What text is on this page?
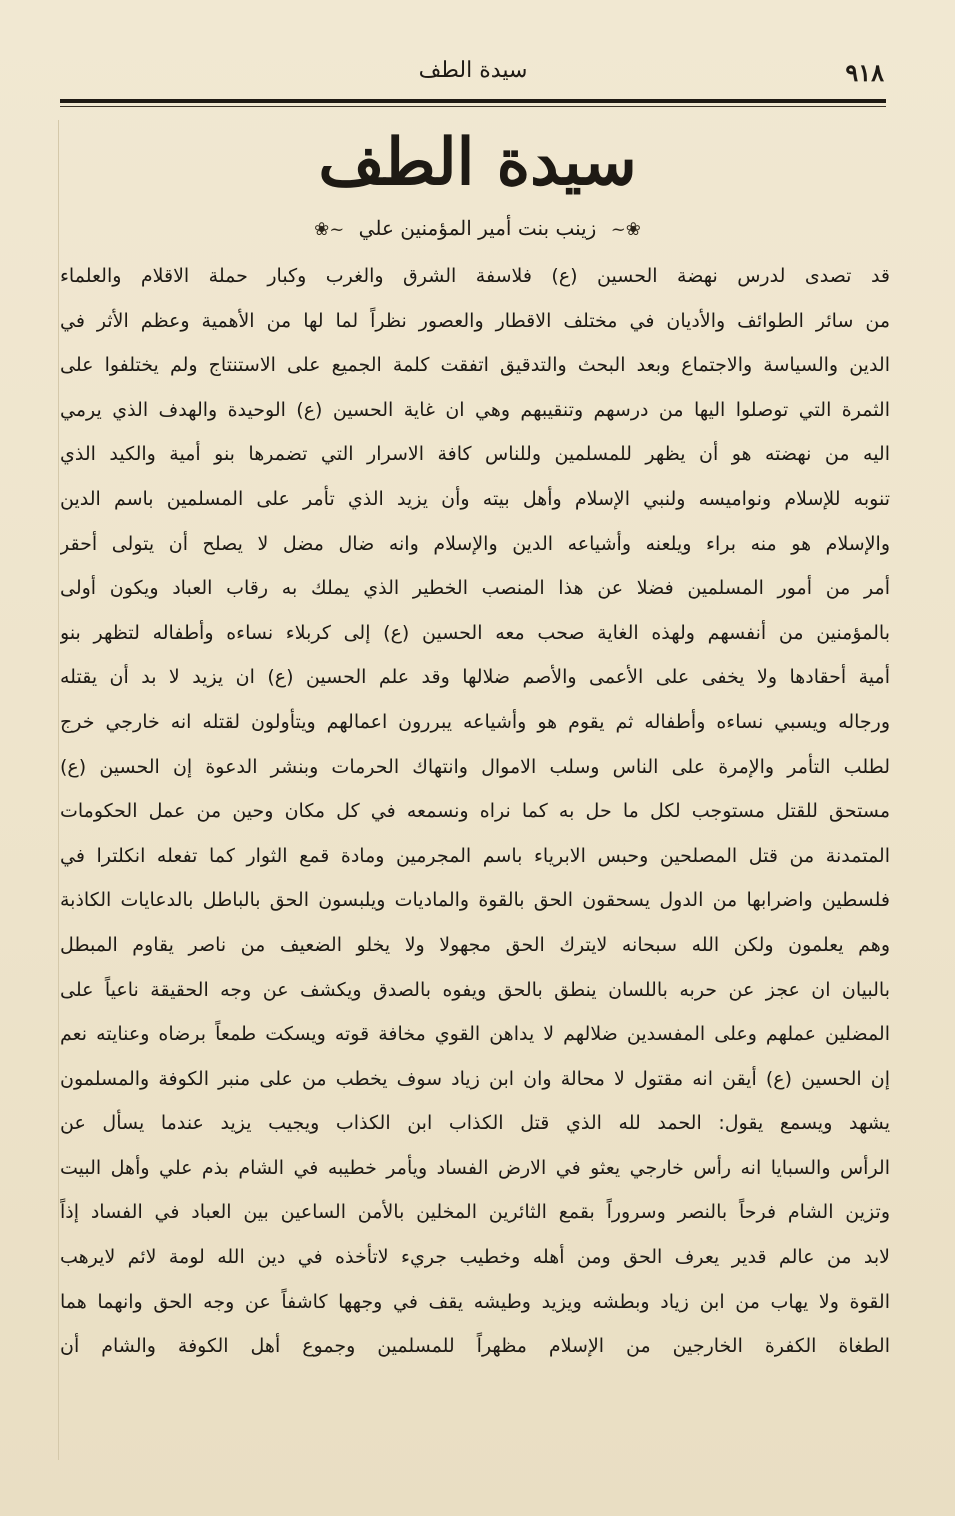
٩١٨
سيدة الطف
سيدة الطف
❀~ زينب بنت أمير المؤمنين علي ~❀
قد تصدى لدرس نهضة الحسين (ع) فلاسفة الشرق والغرب وكبار حملة الاقلام والعلماء
من سائر الطوائف والأديان في مختلف الاقطار والعصور نظراً لما لها من الأهمية وعظم الأثر في
الدين والسياسة والاجتماع وبعد البحث والتدقيق اتفقت كلمة الجميع على الاستنتاج ولم يختلفوا على
الثمرة التي توصلوا اليها من درسهم وتنقيبهم وهي ان غاية الحسين (ع) الوحيدة والهدف الذي يرمي
اليه من نهضته هو أن يظهر للمسلمين وللناس كافة الاسرار التي تضمرها بنو أمية والكيد الذي
تنوبه للإسلام ونواميسه ولنبي الإسلام وأهل بيته وأن يزيد الذي تأمر على المسلمين باسم الدين
والإسلام هو منه براء ويلعنه وأشياعه الدين والإسلام وانه ضال مضل لا يصلح أن يتولى أحقر
أمر من أمور المسلمين فضلا عن هذا المنصب الخطير الذي يملك به رقاب العباد ويكون أولى
بالمؤمنين من أنفسهم ولهذه الغاية صحب معه الحسين (ع) إلى كربلاء نساءه وأطفاله لتظهر بنو
أمية أحقادها ولا يخفى على الأعمى والأصم ضلالها وقد علم الحسين (ع) ان يزيد لا بد أن يقتله
ورجاله ويسبي نساءه وأطفاله ثم يقوم هو وأشياعه يبررون اعمالهم ويتأولون لقتله انه خارجي خرج
لطلب التأمر والإمرة على الناس وسلب الاموال وانتهاك الحرمات وبنشر الدعوة إن الحسين (ع)
مستحق للقتل مستوجب لكل ما حل به كما نراه ونسمعه في كل مكان وحين من عمل الحكومات
المتمدنة من قتل المصلحين وحبس الابرياء باسم المجرمين ومادة قمع الثوار كما تفعله انكلترا في
فلسطين واضرابها من الدول يسحقون الحق بالقوة والماديات ويلبسون الحق بالباطل بالدعايات الكاذبة
وهم يعلمون ولكن الله سبحانه لايترك الحق مجهولا ولا يخلو الضعيف من ناصر يقاوم المبطل
بالبيان ان عجز عن حربه باللسان ينطق بالحق ويفوه بالصدق ويكشف عن وجه الحقيقة ناعياً على
المضلين عملهم وعلى المفسدين ضلالهم لا يداهن القوي مخافة قوته ويسكت طمعاً برضاه وعنايته نعم
إن الحسين (ع) أيقن انه مقتول لا محالة وان ابن زياد سوف يخطب من على منبر الكوفة والمسلمون
يشهد ويسمع يقول: الحمد لله الذي قتل الكذاب ابن الكذاب ويجيب يزيد عندما يسأل عن
الرأس والسبايا انه رأس خارجي يعثو في الارض الفساد ويأمر خطيبه في الشام بذم علي وأهل البيت
وتزين الشام فرحاً بالنصر وسروراً بقمع الثائرين المخلين بالأمن الساعين بين العباد في الفساد إذاً
لابد من عالم قدير يعرف الحق ومن أهله وخطيب جريء لاتأخذه في دين الله لومة لائم لايرهب
القوة ولا يهاب من ابن زياد وبطشه ويزيد وطيشه يقف في وجهها كاشفاً عن وجه الحق وانهما هما
الطغاة الكفرة الخارجين من الإسلام مظهراً للمسلمين وجموع أهل الكوفة والشام أن
